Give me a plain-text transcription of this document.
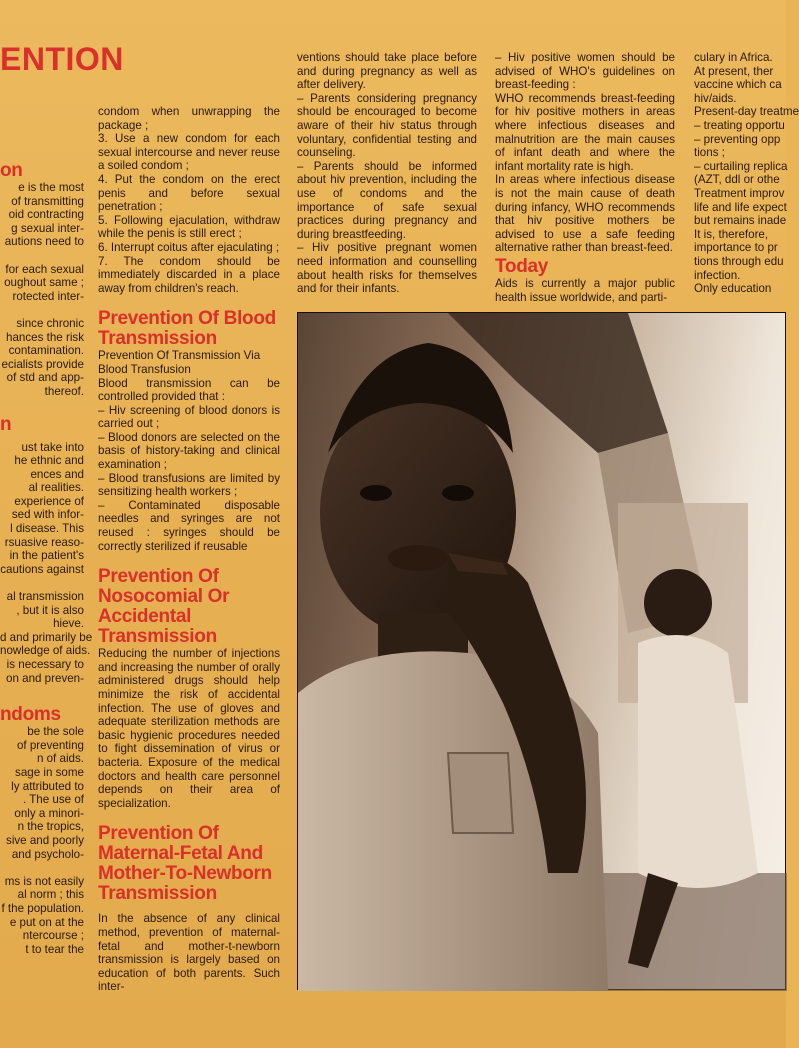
ENTION

on

e is the most
of transmitting
oid contracting
g sexual inter-
autions need to

for each sexual
oughout same ;
rotected inter-

since chronic
hances the risk
contamination.
ecialists provide
of std and app-
thereof.

n

ust take into
he ethnic and
ences and
al realities.
experience of
sed with infor-
l disease. This
rsuasive reaso-
in the patient's
cautions against

al transmission
, but it is also
hieve.
d and primarily be
nowledge of aids.
is necessary to
on and preven-

ndoms

be the sole
of preventing
n of aids.
sage in some
ly attributed to
. The use of
only a minori-
n the tropics,
sive and poorly
and psycholo-

ms is not easily
al norm ; this
f the population.
e put on at the
ntercourse ;
t to tear the

condom when unwrapping the package ;

3. Use a new condom for each sexual intercourse and never reuse a soiled condom ;

4. Put the condom on the erect penis and before sexual penetration ;

5. Following ejaculation, withdraw while the penis is still erect ;

6. Interrupt coitus after ejaculating ;

7. The condom should be immediately discarded in a place away from children's reach.

Prevention Of Blood Transmission

Prevention Of Transmission Via Blood Transfusion

Blood transmission can be controlled provided that :

– Hiv screening of blood donors is carried out ;

– Blood donors are selected on the basis of history-taking and clinical examination ;

– Blood transfusions are limited by sensitizing health workers ;

– Contaminated disposable needles and syringes are not reused : syringes should be correctly sterilized if reusable

Prevention Of Nosocomial Or Accidental Transmission

Reducing the number of injections and increasing the number of orally administered drugs should help minimize the risk of accidental infection. The use of gloves and adequate sterilization methods are basic hygienic procedures needed to fight dissemination of virus or bacteria. Exposure of the medical doctors and health care personnel depends on their area of specialization.

Prevention Of Maternal-Fetal And Mother-To-Newborn Transmission

In the absence of any clinical method, prevention of maternal-fetal and mother-t-newborn transmission is largely based on education of both parents. Such inter-

ventions should take place before and during pregnancy as well as after delivery.

– Parents considering pregnancy should be encouraged to become aware of their hiv status through voluntary, confidential testing and counseling.

– Parents should be informed about hiv prevention, including the use of condoms and the importance of safe sexual practices during pregnancy and during breastfeeding.

– Hiv positive pregnant women need information and counselling about health risks for themselves and for their infants.

– Hiv positive women should be advised of WHO's guidelines on breast-feeding :

WHO recommends breast-feeding for hiv positive mothers in areas where infectious diseases and malnutrition are the main causes of infant death and where the infant mortality rate is high.

In areas where infectious disease is not the main cause of death during infancy, WHO recommends that hiv positive mothers be advised to use a safe feeding alternative rather than breast-feed.

Today

Aids is currently a major public health issue worldwide, and parti-

culary in Africa.
At present, ther
vaccine which ca
hiv/aids.
Present-day treatme
– treating opportu
– preventing opp
tions ;
– curtailing replica
(AZT, ddl or othe
Treatment improv
life and life expect
but remains inade
It is, therefore,
importance to pr
tions through edu
infection.
Only education
